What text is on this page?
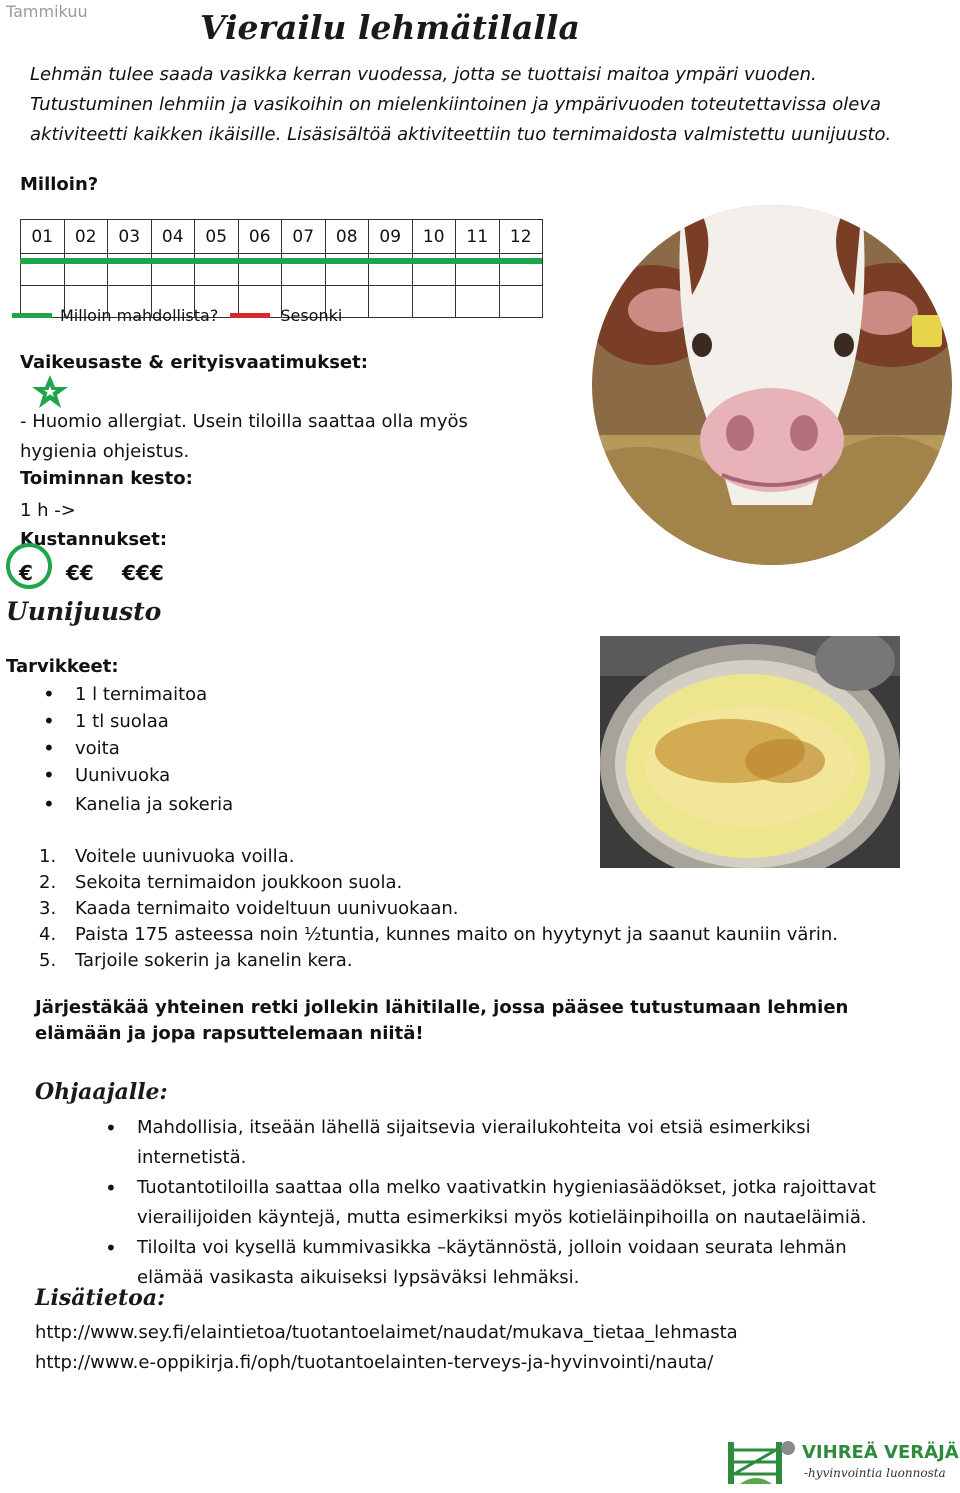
Tammikuu	Vierailu lehmätilalla
Lehmän tulee saada vasikka kerran vuodessa, jotta se tuottaisi maitoa ympäri vuoden. Tutustuminen lehmiin ja vasikoihin on mielenkiintoinen ja ympärivuoden toteutettavissa oleva aktiviteetti kaikken ikäisille. Lisäsisältöä aktiviteettiin tuo ternimaidosta valmistettu uunijuusto.
Milloin?
01	02	03	04	05	06	07	08	09	10	11	12

Milloin mahdollista?	Sesonki
Vaikeusaste & erityisvaatimukset:
- Huomio allergiat. Usein tiloilla saattaa olla myös hygienia ohjeistus.
Toiminnan kesto:
1 h ->
Kustannukset:
€ €€ €€€
Uunijuusto
Tarvikkeet:
• 1 l ternimaitoa
• 1 tl suolaa
• voita
• Uunivuoka
• Kanelia ja sokeria
1. Voitele uunivuoka voilla.
2. Sekoita ternimaidon joukkoon suola.
3. Kaada ternimaito voideltuun uunivuokaan.
4. Paista 175 asteessa noin ½tuntia, kunnes maito on hyytynyt ja saanut kauniin värin.
5. Tarjoile sokerin ja kanelin kera.
Järjestäkää yhteinen retki jollekin lähitilalle, jossa pääsee tutustumaan lehmien elämään ja jopa rapsuttelemaan niitä!
Ohjaajalle:
• Mahdollisia, itseään lähellä sijaitsevia vierailukohteita voi etsiä esimerkiksi internetistä.
• Tuotantotiloilla saattaa olla melko vaativatkin hygieniasäädökset, jotka rajoittavat vierailijoiden käyntejä, mutta esimerkiksi myös kotieläinpihoilla on nautaeläimiä.
• Tiloilta voi kysellä kummivasikka –käytännöstä, jolloin voidaan seurata lehmän elämää vasikasta aikuiseksi lypsäväksi lehmäksi.
Lisätietoa:
http://www.sey.fi/elaintietoa/tuotantoelaimet/naudat/mukava_tietaa_lehmasta
http://www.e-oppikirja.fi/oph/tuotantoelainten-terveys-ja-hyvinvointi/nauta/
VIHREÄ VERÄJÄ
-hyvinvointia luonnosta
